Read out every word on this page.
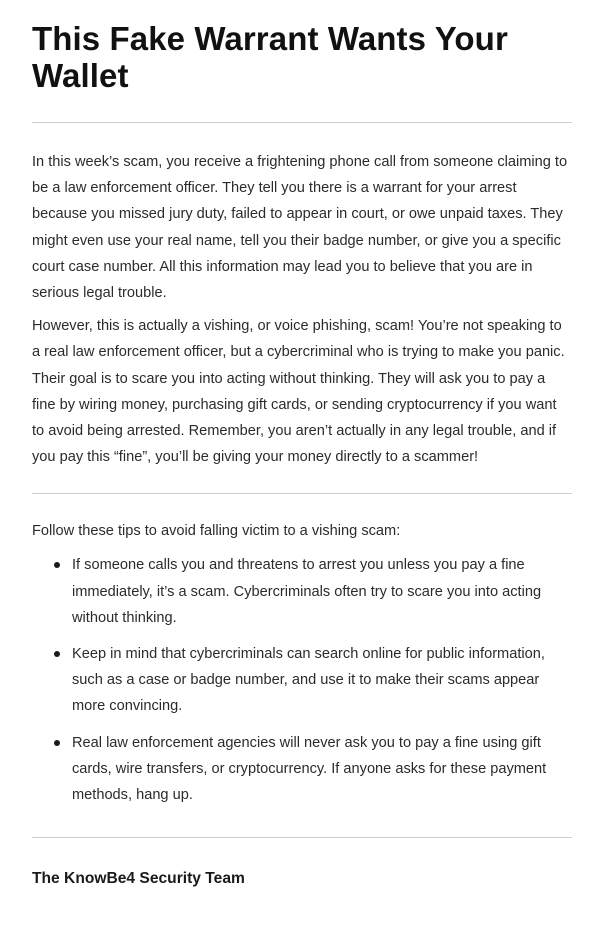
This Fake Warrant Wants Your Wallet

In this week’s scam, you receive a frightening phone call from someone claiming to be a law enforcement officer. They tell you there is a warrant for your arrest because you missed jury duty, failed to appear in court, or owe unpaid taxes. They might even use your real name, tell you their badge number, or give you a specific court case number. All this information may lead you to believe that you are in serious legal trouble.

However, this is actually a vishing, or voice phishing, scam! You’re not speaking to a real law enforcement officer, but a cybercriminal who is trying to make you panic. Their goal is to scare you into acting without thinking. They will ask you to pay a fine by wiring money, purchasing gift cards, or sending cryptocurrency if you want to avoid being arrested. Remember, you aren’t actually in any legal trouble, and if you pay this “fine”, you’ll be giving your money directly to a scammer!

Follow these tips to avoid falling victim to a vishing scam:

If someone calls you and threatens to arrest you unless you pay a fine immediately, it’s a scam. Cybercriminals often try to scare you into acting without thinking.
Keep in mind that cybercriminals can search online for public information, such as a case or badge number, and use it to make their scams appear more convincing.
Real law enforcement agencies will never ask you to pay a fine using gift cards, wire transfers, or cryptocurrency. If anyone asks for these payment methods, hang up.

The KnowBe4 Security Team
